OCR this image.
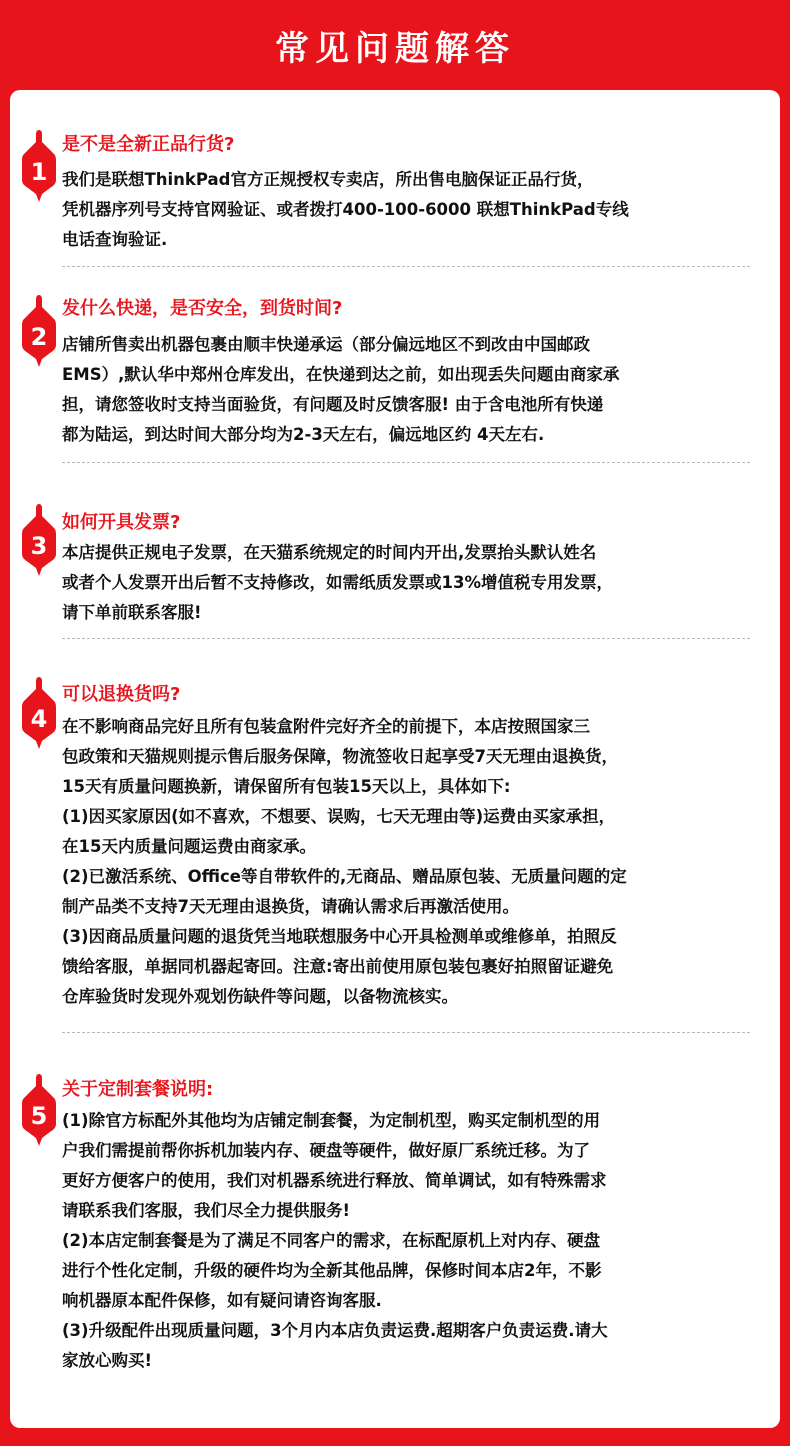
常见问题解答
1
是不是全新正品行货?
我们是联想ThinkPad官方正规授权专卖店，所出售电脑保证正品行货，
凭机器序列号支持官网验证、或者拨打400-100-6000 联想ThinkPad专线
电话查询验证.
2
发什么快递，是否安全，到货时间?
店铺所售卖出机器包裹由顺丰快递承运（部分偏远地区不到改由中国邮政
EMS）,默认华中郑州仓库发出，在快递到达之前，如出现丢失问题由商家承
担，请您签收时支持当面验货，有问题及时反馈客服! 由于含电池所有快递
都为陆运，到达时间大部分均为2-3天左右，偏远地区约 4天左右.
3
如何开具发票?
本店提供正规电子发票，在天猫系统规定的时间内开出,发票抬头默认姓名
或者个人发票开出后暂不支持修改，如需纸质发票或13%增值税专用发票，
请下单前联系客服!
4
可以退换货吗?
在不影响商品完好且所有包装盒附件完好齐全的前提下，本店按照国家三
包政策和天猫规则提示售后服务保障，物流签收日起享受7天无理由退换货，
15天有质量问题换新，请保留所有包装15天以上，具体如下:
(1)因买家原因(如不喜欢，不想要、误购，七天无理由等)运费由买家承担，
在15天内质量问题运费由商家承。
(2)已激活系统、Office等自带软件的,无商品、赠品原包装、无质量问题的定
制产品类不支持7天无理由退换货，请确认需求后再激活使用。
(3)因商品质量问题的退货凭当地联想服务中心开具检测单或维修单，拍照反
馈给客服，单据同机器起寄回。注意:寄出前使用原包装包裹好拍照留证避免
仓库验货时发现外观划伤缺件等问题，以备物流核实。
5
关于定制套餐说明:
(1)除官方标配外其他均为店铺定制套餐，为定制机型，购买定制机型的用
户我们需提前帮你拆机加装内存、硬盘等硬件，做好原厂系统迁移。为了
更好方便客户的使用，我们对机器系统进行释放、简单调试，如有特殊需求
请联系我们客服，我们尽全力提供服务!
(2)本店定制套餐是为了满足不同客户的需求，在标配原机上对内存、硬盘
进行个性化定制，升级的硬件均为全新其他品牌，保修时间本店2年，不影
响机器原本配件保修，如有疑问请咨询客服.
(3)升级配件出现质量问题，3个月内本店负责运费.超期客户负责运费.请大
家放心购买!
